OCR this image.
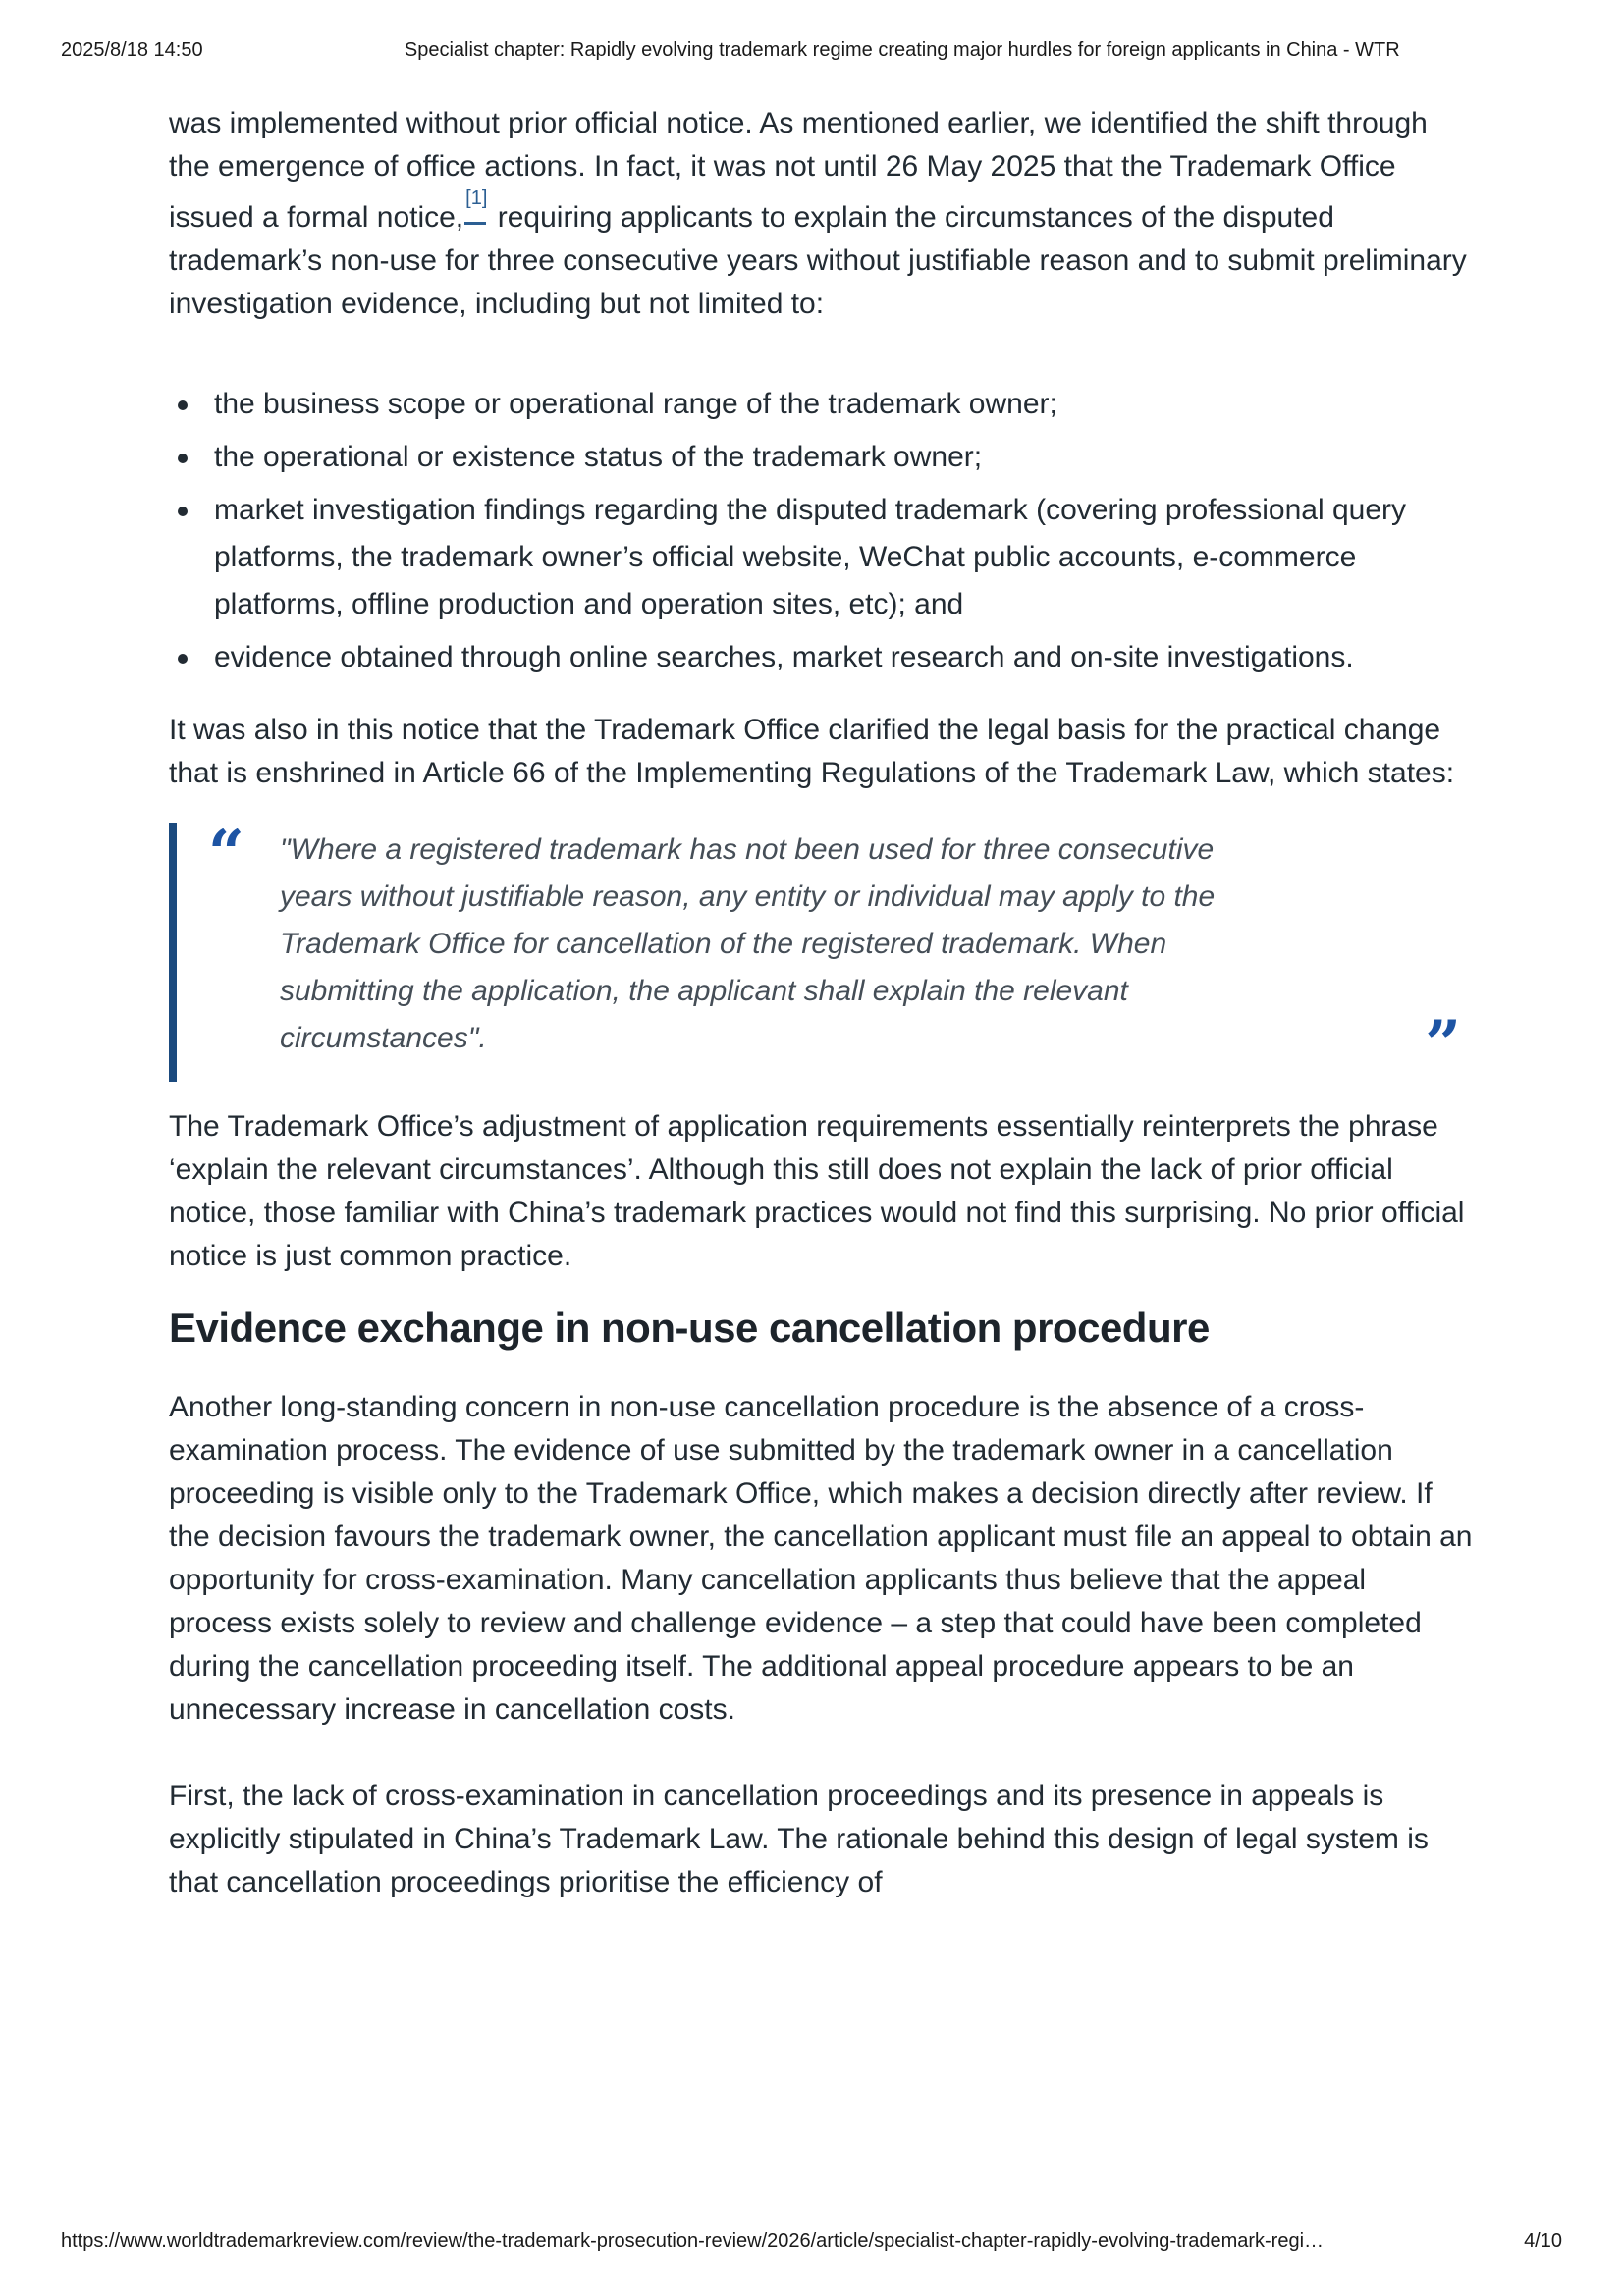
2025/8/18 14:50	Specialist chapter: Rapidly evolving trademark regime creating major hurdles for foreign applicants in China - WTR

was implemented without prior official notice. As mentioned earlier, we identified the shift through the emergence of office actions. In fact, it was not until 26 May 2025 that the Trademark Office issued a formal notice,[1] requiring applicants to explain the circumstances of the disputed trademark’s non-use for three consecutive years without justifiable reason and to submit preliminary investigation evidence, including but not limited to:

the business scope or operational range of the trademark owner;
the operational or existence status of the trademark owner;
market investigation findings regarding the disputed trademark (covering professional query platforms, the trademark owner’s official website, WeChat public accounts, e-commerce platforms, offline production and operation sites, etc); and
evidence obtained through online searches, market research and on-site investigations.

It was also in this notice that the Trademark Office clarified the legal basis for the practical change that is enshrined in Article 66 of the Implementing Regulations of the Trademark Law, which states:

“ "Where a registered trademark has not been used for three consecutive
years without justifiable reason, any entity or individual may apply to the
Trademark Office for cancellation of the registered trademark. When
submitting the application, the applicant shall explain the relevant
circumstances".	”

The Trademark Office’s adjustment of application requirements essentially reinterprets the phrase ‘explain the relevant circumstances’. Although this still does not explain the lack of prior official notice, those familiar with China’s trademark practices would not find this surprising. No prior official notice is just common practice.

Evidence exchange in non-use cancellation procedure

Another long-standing concern in non-use cancellation procedure is the absence of a cross-examination process. The evidence of use submitted by the trademark owner in a cancellation proceeding is visible only to the Trademark Office, which makes a decision directly after review. If the decision favours the trademark owner, the cancellation applicant must file an appeal to obtain an opportunity for cross-examination. Many cancellation applicants thus believe that the appeal process exists solely to review and challenge evidence – a step that could have been completed during the cancellation proceeding itself. The additional appeal procedure appears to be an unnecessary increase in cancellation costs.

First, the lack of cross-examination in cancellation proceedings and its presence in appeals is explicitly stipulated in China’s Trademark Law. The rationale behind this design of legal system is that cancellation proceedings prioritise the efficiency of

https://www.worldtrademarkreview.com/review/the-trademark-prosecution-review/2026/article/specialist-chapter-rapidly-evolving-trademark-regi…	4/10
